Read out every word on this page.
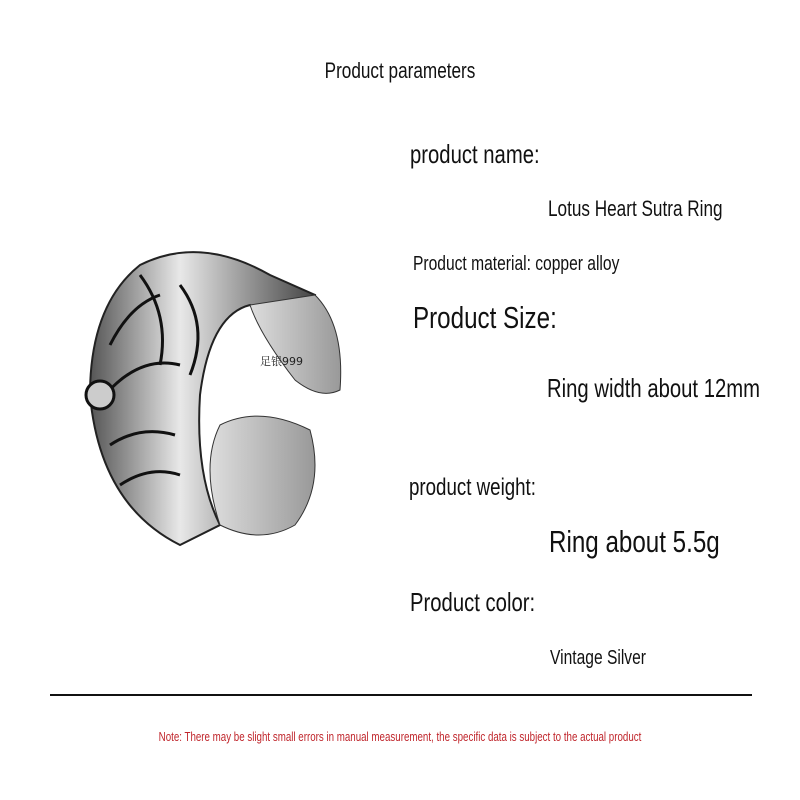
Product parameters
足银999
product name:
Lotus Heart Sutra Ring
Product material: copper alloy
Product Size:
Ring width about 12mm
product weight:
Ring about 5.5g
Product color:
Vintage Silver
Note: There may be slight small errors in manual measurement, the specific data is subject to the actual product
